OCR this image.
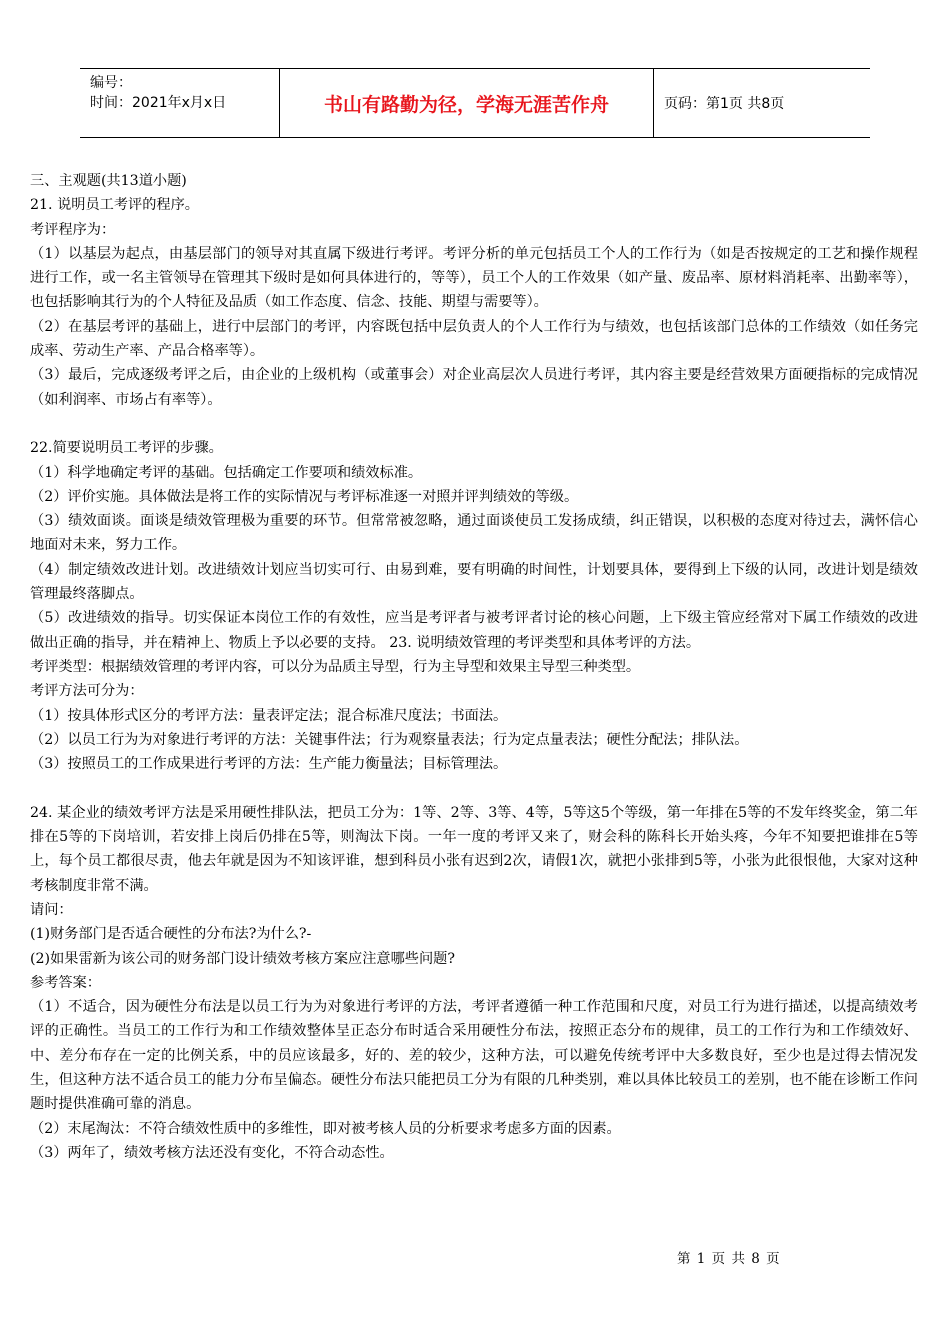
编号：
时间：2021年x月x日	书山有路勤为径，学海无涯苦作舟	页码：第1页 共8页

三、主观题(共13道小题)

21. 说明员工考评的程序。

考评程序为：

（1）以基层为起点，由基层部门的领导对其直属下级进行考评。考评分析的单元包括员工个人的工作行为（如是否按规定的工艺和操作规程进行工作，或一名主管领导在管理其下级时是如何具体进行的，等等），员工个人的工作效果（如产量、废品率、原材料消耗率、出勤率等），也包括影响其行为的个人特征及品质（如工作态度、信念、技能、期望与需要等）。

（2）在基层考评的基础上，进行中层部门的考评，内容既包括中层负责人的个人工作行为与绩效，也包括该部门总体的工作绩效（如任务完成率、劳动生产率、产品合格率等）。

（3）最后，完成逐级考评之后，由企业的上级机构（或董事会）对企业高层次人员进行考评，其内容主要是经营效果方面硬指标的完成情况（如利润率、市场占有率等）。

22.简要说明员工考评的步骤。

（1）科学地确定考评的基础。包括确定工作要项和绩效标准。

（2）评价实施。具体做法是将工作的实际情况与考评标准逐一对照并评判绩效的等级。

（3）绩效面谈。面谈是绩效管理极为重要的环节。但常常被忽略，通过面谈使员工发扬成绩，纠正错误，以积极的态度对待过去，满怀信心地面对未来，努力工作。

（4）制定绩效改进计划。改进绩效计划应当切实可行、由易到难，要有明确的时间性，计划要具体，要得到上下级的认同，改进计划是绩效管理最终落脚点。

（5）改进绩效的指导。切实保证本岗位工作的有效性，应当是考评者与被考评者讨论的核心问题，上下级主管应经常对下属工作绩效的改进做出正确的指导，并在精神上、物质上予以必要的支持。 23. 说明绩效管理的考评类型和具体考评的方法。

考评类型：根据绩效管理的考评内容，可以分为品质主导型，行为主导型和效果主导型三种类型。

考评方法可分为：

（1）按具体形式区分的考评方法：量表评定法；混合标准尺度法；书面法。

（2）以员工行为为对象进行考评的方法：关键事件法；行为观察量表法；行为定点量表法；硬性分配法；排队法。

（3）按照员工的工作成果进行考评的方法：生产能力衡量法；目标管理法。

24. 某企业的绩效考评方法是采用硬性排队法，把员工分为：1等、2等、3等、4等，5等这5个等级，第一年排在5等的不发年终奖金，第二年排在5等的下岗培训，若安排上岗后仍排在5等，则淘汰下岗。一年一度的考评又来了，财会科的陈科长开始头疼，今年不知要把谁排在5等上，每个员工都很尽责，他去年就是因为不知该评谁，想到科员小张有迟到2次，请假1次，就把小张排到5等，小张为此很恨他，大家对这种考核制度非常不满。

请问：

(1)财务部门是否适合硬性的分布法?为什么?-

(2)如果雷新为该公司的财务部门设计绩效考核方案应注意哪些问题?

参考答案：

（1）不适合，因为硬性分布法是以员工行为为对象进行考评的方法，考评者遵循一种工作范围和尺度，对员工行为进行描述，以提高绩效考评的正确性。当员工的工作行为和工作绩效整体呈正态分布时适合采用硬性分布法，按照正态分布的规律，员工的工作行为和工作绩效好、中、差分布存在一定的比例关系，中的员应该最多，好的、差的较少，这种方法，可以避免传统考评中大多数良好，至少也是过得去情况发生，但这种方法不适合员工的能力分布呈偏态。硬性分布法只能把员工分为有限的几种类别，难以具体比较员工的差别，也不能在诊断工作问题时提供准确可靠的消息。

（2）末尾淘汰：不符合绩效性质中的多维性，即对被考核人员的分析要求考虑多方面的因素。

（3）两年了，绩效考核方法还没有变化，不符合动态性。

第 1 页 共 8 页
